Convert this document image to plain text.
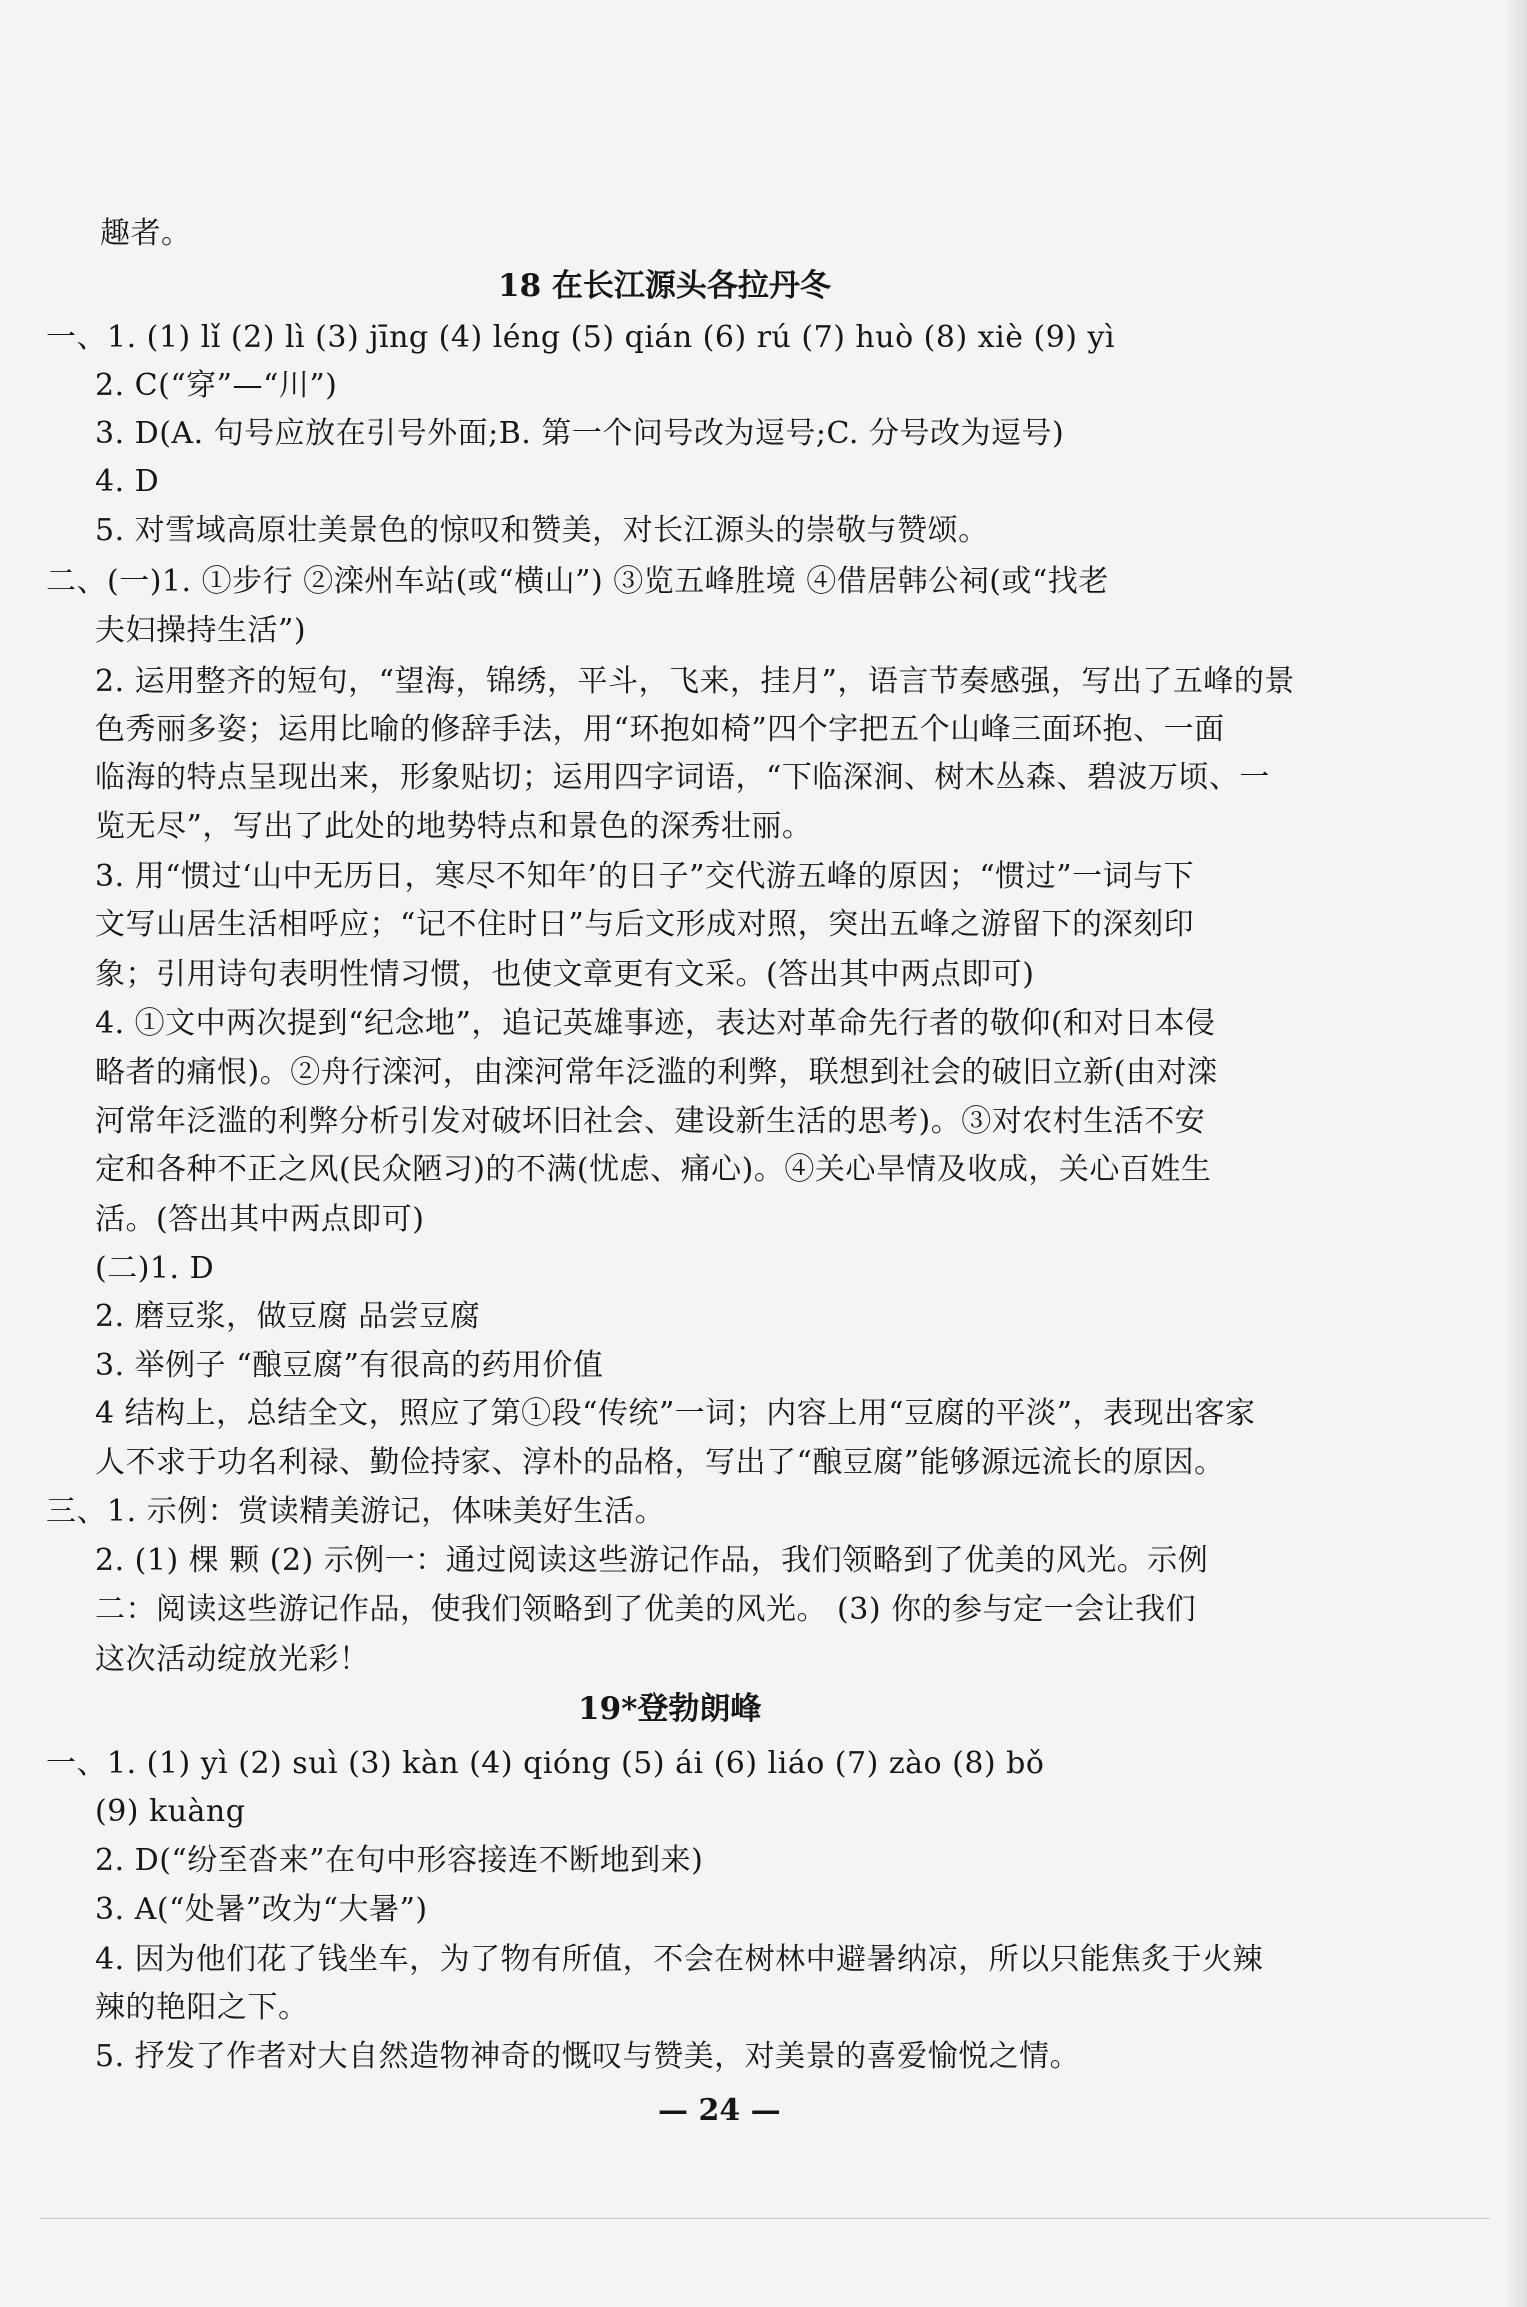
趣者。
18 在长江源头各拉丹冬
一、1. (1) lǐ (2) lì (3) jīng (4) léng (5) qián (6) rú (7) huò (8) xiè (9) yì
2. C(“穿”—“川”)
3. D(A. 句号应放在引号外面;B. 第一个问号改为逗号;C. 分号改为逗号)
4. D
5. 对雪域高原壮美景色的惊叹和赞美，对长江源头的崇敬与赞颂。
二、(一)1. ①步行 ②滦州车站(或“横山”) ③览五峰胜境 ④借居韩公祠(或“找老
夫妇操持生活”)
2. 运用整齐的短句，“望海，锦绣，平斗，飞来，挂月”，语言节奏感强，写出了五峰的景
色秀丽多姿；运用比喻的修辞手法，用“环抱如椅”四个字把五个山峰三面环抱、一面
临海的特点呈现出来，形象贴切；运用四字词语，“下临深涧、树木丛森、碧波万顷、一
览无尽”，写出了此处的地势特点和景色的深秀壮丽。
3. 用“惯过‘山中无历日，寒尽不知年’的日子”交代游五峰的原因；“惯过”一词与下
文写山居生活相呼应；“记不住时日”与后文形成对照，突出五峰之游留下的深刻印
象；引用诗句表明性情习惯，也使文章更有文采。(答出其中两点即可)
4. ①文中两次提到“纪念地”，追记英雄事迹，表达对革命先行者的敬仰(和对日本侵
略者的痛恨)。②舟行滦河，由滦河常年泛滥的利弊，联想到社会的破旧立新(由对滦
河常年泛滥的利弊分析引发对破坏旧社会、建设新生活的思考)。③对农村生活不安
定和各种不正之风(民众陋习)的不满(忧虑、痛心)。④关心旱情及收成，关心百姓生
活。(答出其中两点即可)
(二)1. D
2. 磨豆浆，做豆腐 品尝豆腐
3. 举例子 “酿豆腐”有很高的药用价值
4 结构上，总结全文，照应了第①段“传统”一词；内容上用“豆腐的平淡”，表现出客家
人不求于功名利禄、勤俭持家、淳朴的品格，写出了“酿豆腐”能够源远流长的原因。
三、1. 示例：赏读精美游记，体味美好生活。
2. (1) 棵 颗 (2) 示例一：通过阅读这些游记作品，我们领略到了优美的风光。示例
二：阅读这些游记作品，使我们领略到了优美的风光。 (3) 你的参与定一会让我们
这次活动绽放光彩！
19*登勃朗峰
一、1. (1) yì (2) suì (3) kàn (4) qióng (5) ái (6) liáo (7) zào (8) bǒ
(9) kuàng
2. D(“纷至沓来”在句中形容接连不断地到来)
3. A(“处暑”改为“大暑”)
4. 因为他们花了钱坐车，为了物有所值，不会在树林中避暑纳凉，所以只能焦炙于火辣
辣的艳阳之下。
5. 抒发了作者对大自然造物神奇的慨叹与赞美，对美景的喜爱愉悦之情。
— 24 —
